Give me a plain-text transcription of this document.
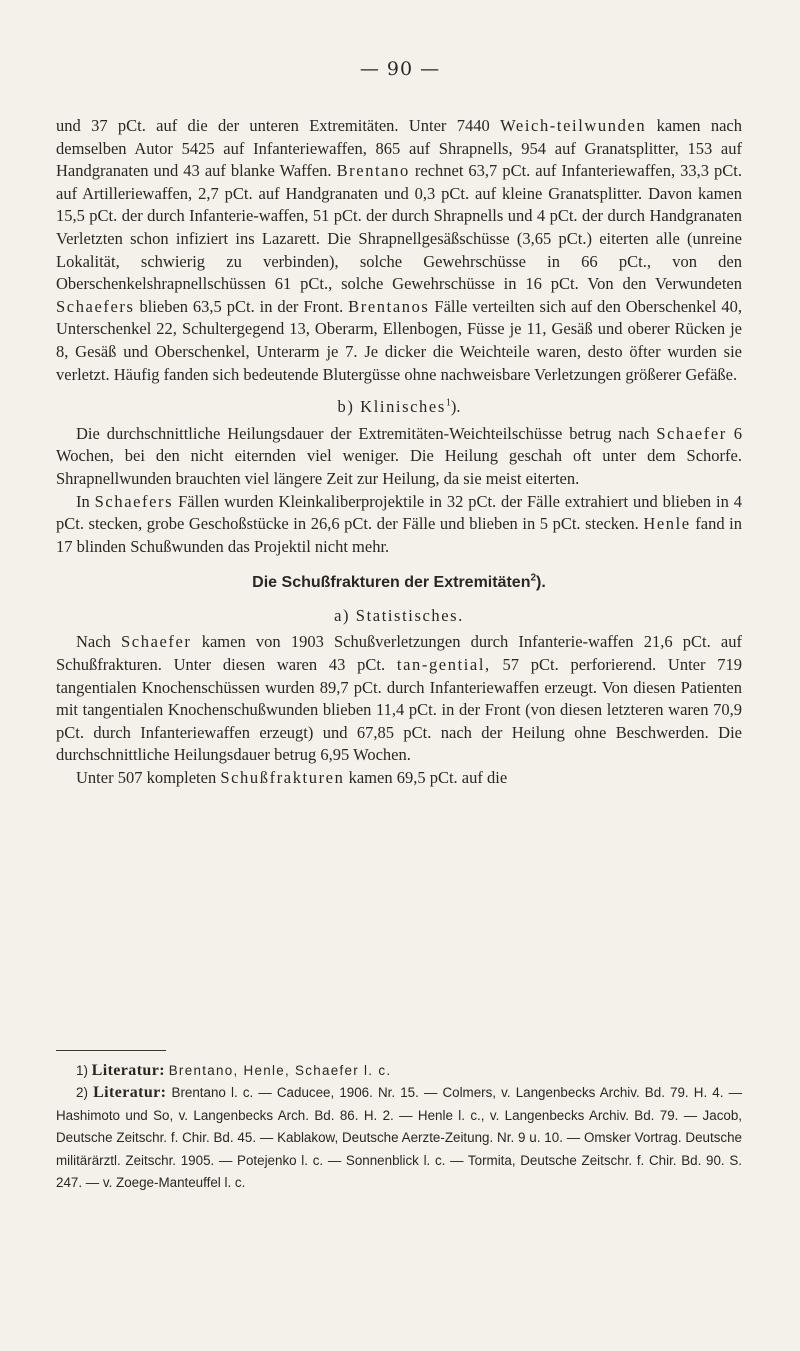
— 90 —

und 37 pCt. auf die der unteren Extremitäten. Unter 7440 Weich-teilwunden kamen nach demselben Autor 5425 auf Infanteriewaffen, 865 auf Shrapnells, 954 auf Granatsplitter, 153 auf Handgranaten und 43 auf blanke Waffen. Brentano rechnet 63,7 pCt. auf Infanteriewaffen, 33,3 pCt. auf Artilleriewaffen, 2,7 pCt. auf Handgranaten und 0,3 pCt. auf kleine Granatsplitter. Davon kamen 15,5 pCt. der durch Infanterie-waffen, 51 pCt. der durch Shrapnells und 4 pCt. der durch Handgranaten Verletzten schon infiziert ins Lazarett. Die Shrapnellgesäßschüsse (3,65 pCt.) eiterten alle (unreine Lokalität, schwierig zu verbinden), solche Gewehrschüsse in 66 pCt., von den Oberschenkelshrapnellschüssen 61 pCt., solche Gewehrschüsse in 16 pCt. Von den Verwundeten Schaefers blieben 63,5 pCt. in der Front. Brentanos Fälle verteilten sich auf den Oberschenkel 40, Unterschenkel 22, Schultergegend 13, Oberarm, Ellenbogen, Füsse je 11, Gesäß und oberer Rücken je 8, Gesäß und Oberschenkel, Unterarm je 7. Je dicker die Weichteile waren, desto öfter wurden sie verletzt. Häufig fanden sich bedeutende Blutergüsse ohne nachweisbare Verletzungen größerer Gefäße.

b) Klinisches$^1$).

Die durchschnittliche Heilungsdauer der Extremitäten-Weichteilschüsse betrug nach Schaefer 6 Wochen, bei den nicht eiternden viel weniger. Die Heilung geschah oft unter dem Schorfe. Shrapnellwunden brauchten viel längere Zeit zur Heilung, da sie meist eiterten.

In Schaefers Fällen wurden Kleinkaliberprojektile in 32 pCt. der Fälle extrahiert und blieben in 4 pCt. stecken, grobe Geschoßstücke in 26,6 pCt. der Fälle und blieben in 5 pCt. stecken. Henle fand in 17 blinden Schußwunden das Projektil nicht mehr.

Die Schußfrakturen der Extremitäten$^2$).

a) Statistisches.

Nach Schaefer kamen von 1903 Schußverletzungen durch Infanterie-waffen 21,6 pCt. auf Schußfrakturen. Unter diesen waren 43 pCt. tan-gential, 57 pCt. perforierend. Unter 719 tangentialen Knochenschüssen wurden 89,7 pCt. durch Infanteriewaffen erzeugt. Von diesen Patienten mit tangentialen Knochenschußwunden blieben 11,4 pCt. in der Front (von diesen letzteren waren 70,9 pCt. durch Infanteriewaffen erzeugt) und 67,85 pCt. nach der Heilung ohne Beschwerden. Die durchschnittliche Heilungsdauer betrug 6,95 Wochen.

Unter 507 kompleten Schußfrakturen kamen 69,5 pCt. auf die

1) Literatur: Brentano, Henle, Schaefer l. c.

2) Literatur: Brentano l. c. — Caducee, 1906. Nr. 15. — Colmers, v. Langenbecks Archiv. Bd. 79. H. 4. — Hashimoto und So, v. Langenbecks Arch. Bd. 86. H. 2. — Henle l. c., v. Langenbecks Archiv. Bd. 79. — Jacob, Deutsche Zeitschr. f. Chir. Bd. 45. — Kablakow, Deutsche Aerzte-Zeitung. Nr. 9 u. 10. — Omsker Vortrag. Deutsche militärärztl. Zeitschr. 1905. — Potejenko l. c. — Sonnenblick l. c. — Tormita, Deutsche Zeitschr. f. Chir. Bd. 90. S. 247. — v. Zoege-Manteuffel l. c.
